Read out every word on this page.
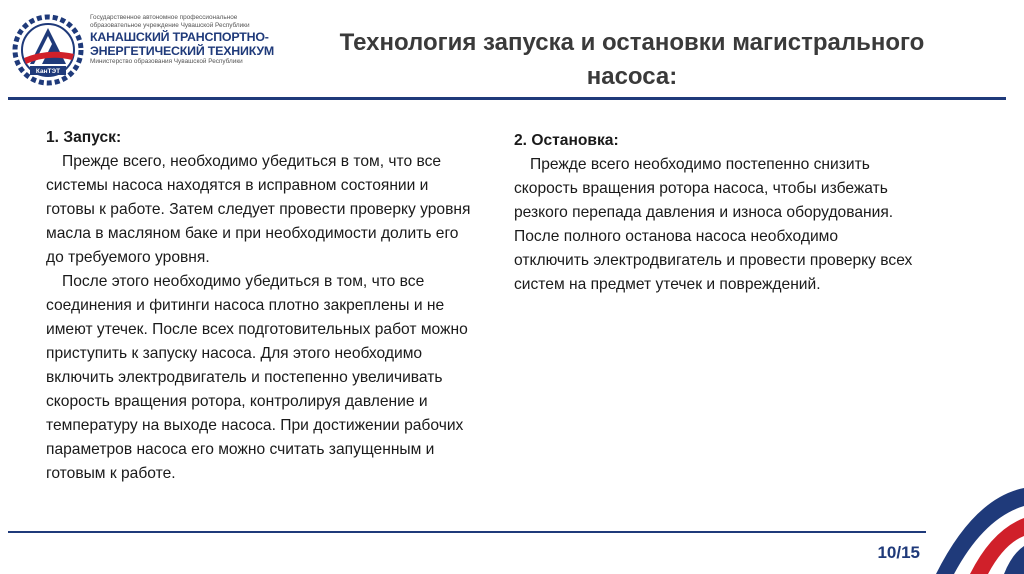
КанТЭТ
Государственное автономное профессиональное
образовательное учреждение Чувашской Республики
КАНАШСКИЙ ТРАНСПОРТНО-
ЭНЕРГЕТИЧЕСКИЙ ТЕХНИКУМ
Министерство образования Чувашской Республики
Технология запуска и остановки магистрального
насоса:
1. Запуск:
Прежде всего, необходимо убедиться в том, что все системы насоса находятся в исправном состоянии и готовы к работе. Затем следует провести проверку уровня масла в масляном баке и при необходимости долить его до требуемого уровня.
После этого необходимо убедиться в том, что все соединения и фитинги насоса плотно закреплены и не имеют утечек. После всех подготовительных работ можно приступить к запуску насоса. Для этого необходимо включить электродвигатель и постепенно увеличивать скорость вращения ротора, контролируя давление и температуру на выходе насоса. При достижении рабочих параметров насоса его можно считать запущенным и готовым к работе.
2. Остановка:
Прежде всего необходимо постепенно снизить скорость вращения ротора насоса, чтобы избежать резкого перепада давления и износа оборудования. После полного останова насоса необходимо отключить электродвигатель и провести проверку всех систем на предмет утечек и повреждений.
10/15
